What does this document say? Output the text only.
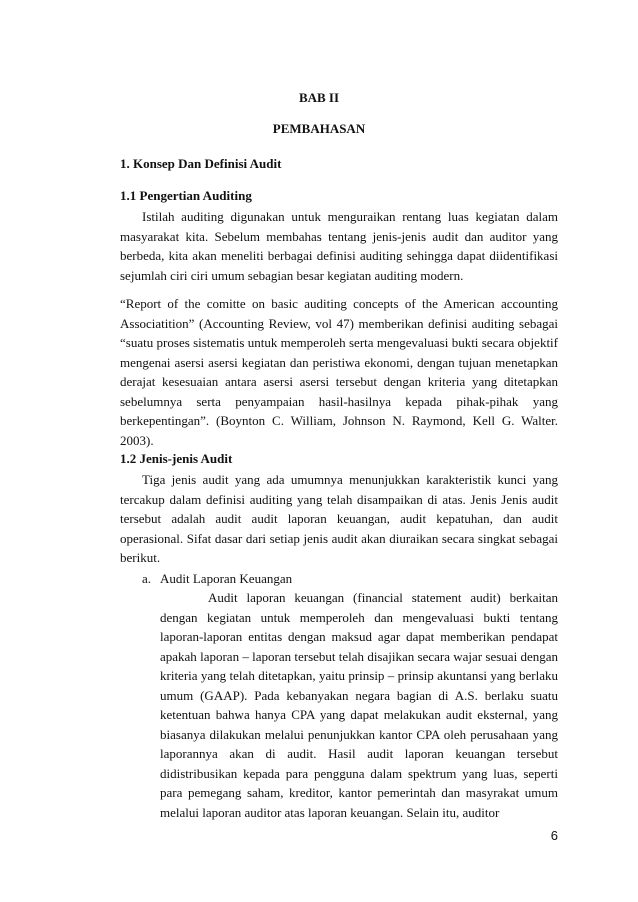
BAB II
PEMBAHASAN
1. Konsep Dan Definisi Audit
1.1 Pengertian Auditing

Istilah auditing digunakan untuk menguraikan rentang luas kegiatan dalam masyarakat kita. Sebelum membahas tentang jenis-jenis audit dan auditor yang berbeda, kita akan meneliti berbagai definisi auditing sehingga dapat diidentifikasi sejumlah ciri ciri umum sebagian besar kegiatan auditing modern.

“Report of the comitte on basic auditing concepts of the American accounting Associatition” (Accounting Review, vol 47) memberikan definisi auditing sebagai “suatu proses sistematis untuk memperoleh serta mengevaluasi bukti secara objektif mengenai asersi asersi kegiatan dan peristiwa ekonomi, dengan tujuan menetapkan derajat kesesuaian antara asersi asersi tersebut dengan kriteria yang ditetapkan sebelumnya serta penyampaian hasil-hasilnya kepada pihak-pihak yang berkepentingan”. (Boynton C. William, Johnson N. Raymond, Kell G. Walter. 2003).

1.2 Jenis-jenis Audit

Tiga jenis audit yang ada umumnya menunjukkan karakteristik kunci yang tercakup dalam definisi auditing yang telah disampaikan di atas. Jenis Jenis audit tersebut adalah audit audit laporan keuangan, audit kepatuhan, dan audit operasional. Sifat dasar dari setiap jenis audit akan diuraikan secara singkat sebagai berikut.

a. Audit Laporan Keuangan

Audit laporan keuangan (financial statement audit) berkaitan dengan kegiatan untuk memperoleh dan mengevaluasi bukti tentang laporan-laporan entitas dengan maksud agar dapat memberikan pendapat apakah laporan – laporan tersebut telah disajikan secara wajar sesuai dengan kriteria yang telah ditetapkan, yaitu prinsip – prinsip akuntansi yang berlaku umum (GAAP). Pada kebanyakan negara bagian di A.S. berlaku suatu ketentuan bahwa hanya CPA yang dapat melakukan audit eksternal, yang biasanya dilakukan melalui penunjukkan kantor CPA oleh perusahaan yang laporannya akan di audit. Hasil audit laporan keuangan tersebut didistribusikan kepada para pengguna dalam spektrum yang luas, seperti para pemegang saham, kreditor, kantor pemerintah dan masyrakat umum melalui laporan auditor atas laporan keuangan. Selain itu, auditor

6
